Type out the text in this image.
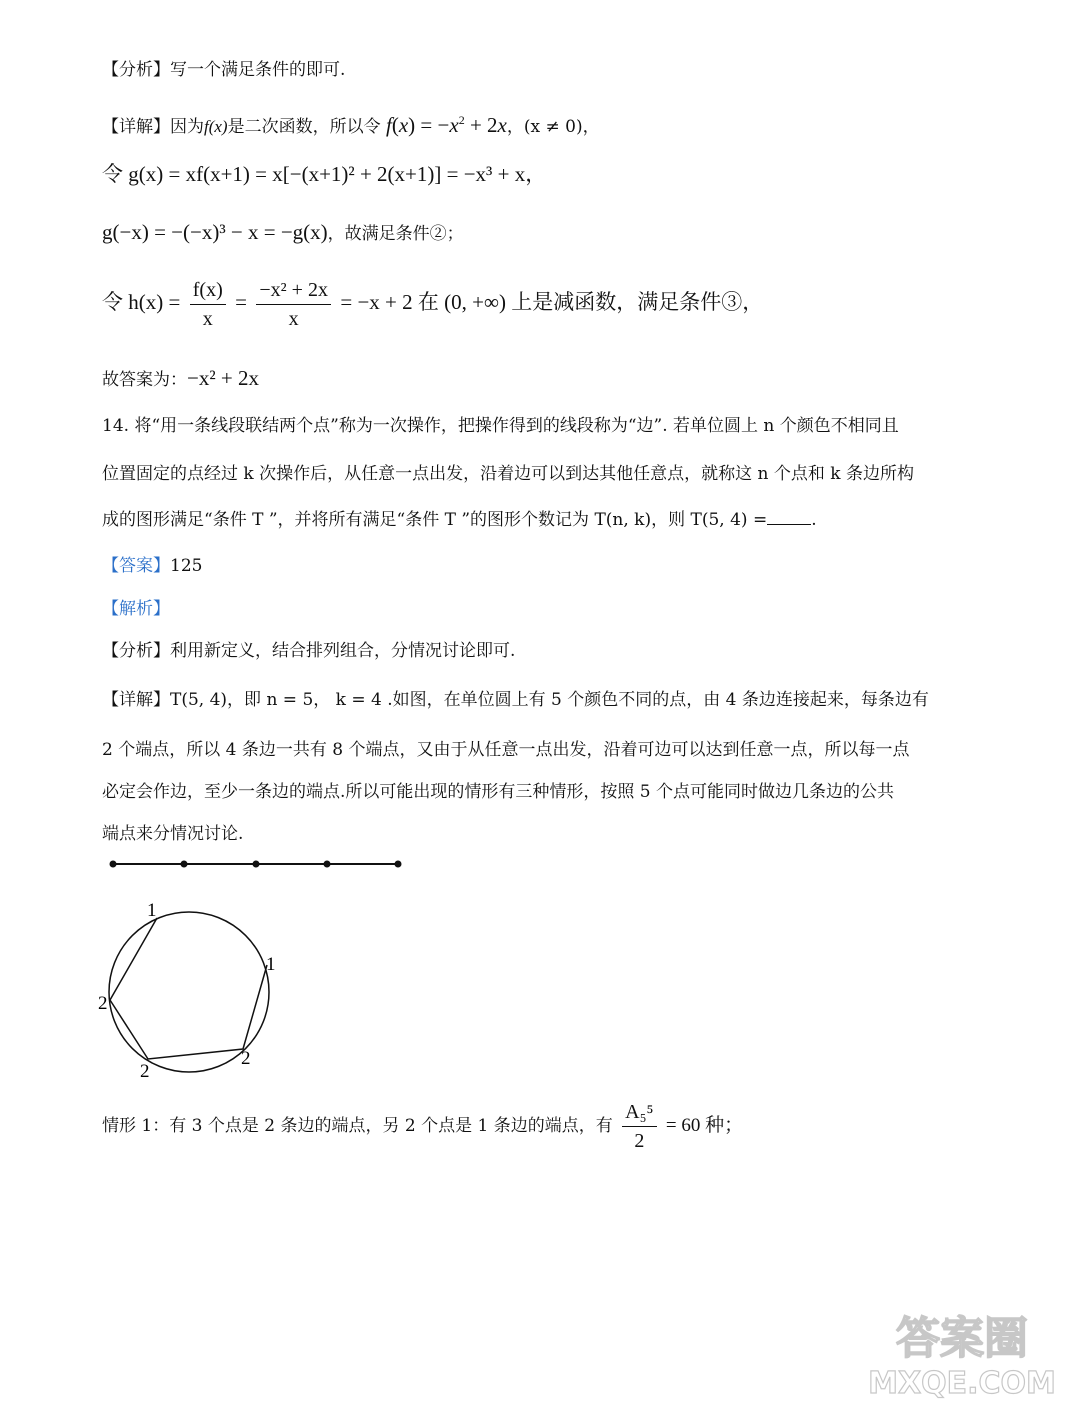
【分析】写一个满足条件的即可.
【详解】因为f(x)是二次函数，所以令 $f(x) = -x^2 + 2x$，(x ≠ 0)，
令 g(x) = xf(x+1) = x[−(x+1)² + 2(x+1)] = −x³ + x，
g(−x) = −(−x)³ − x = −g(x)，故满足条件②；
令 $h(x) = \frac{f(x)}{x} = \frac{\text{−x² + 2x}}{x} = -x + 2$ 在 (0, +∞) 上是减函数，满足条件③，
故答案为：−x² + 2x
14. 将“用一条线段联结两个点”称为一次操作，把操作得到的线段称为“边”. 若单位圆上 n 个颜色不相同且
位置固定的点经过 k 次操作后，从任意一点出发，沿着边可以到达其他任意点，就称这 n 个点和 k 条边所构
成的图形满足“条件 T ”，并将所有满足“条件 T ”的图形个数记为 T(n, k)，则 T(5, 4) =	.
【答案】125
【解析】
【分析】利用新定义，结合排列组合，分情况讨论即可.
【详解】T(5, 4)，即 n = 5， k = 4 .如图，在单位圆上有 5 个颜色不同的点，由 4 条边连接起来，每条边有
2 个端点，所以 4 条边一共有 8 个端点，又由于从任意一点出发，沿着可边可以达到任意一点，所以每一点
必定会作边，至少一条边的端点.所以可能出现的情形有三种情形，按照 5 个点可能同时做边几条边的公共
端点来分情况讨论.
1
1
2
2
2
情形 1：有 3 个点是 2 条边的端点，另 2 个点是 1 条边的端点，有 $\frac{\text{A₅⁵}}{2} = 60$ 种；
答案圈
MXQE.COM
